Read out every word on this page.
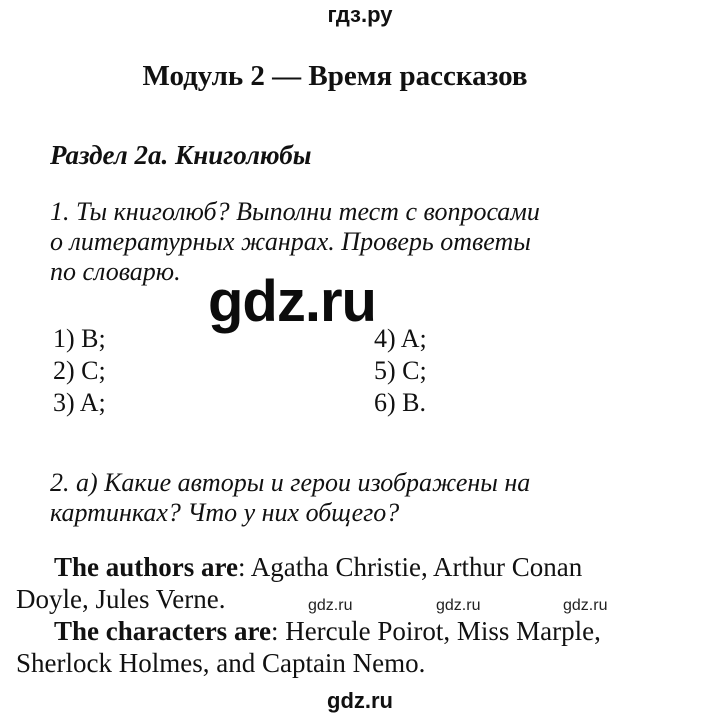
гдз.ру
Модуль 2 — Время рассказов
Раздел 2а. Книголюбы
1. Ты книголюб? Выполни тест с вопросами
о литературных жанрах. Проверь ответы
по словарю. gdz.ru
1) B;
2) C;
3) A;
4) A;
5) C;
6) B.
2. а) Какие авторы и герои изображены на
картинках? Что у них общего?
The authors are: Agatha Christie, Arthur Conan
Doyle, Jules Verne.
The characters are: Hercule Poirot, Miss Marple,
Sherlock Holmes, and Captain Nemo.
gdz.ru	gdz.ru	gdz.ru
gdz.ru
